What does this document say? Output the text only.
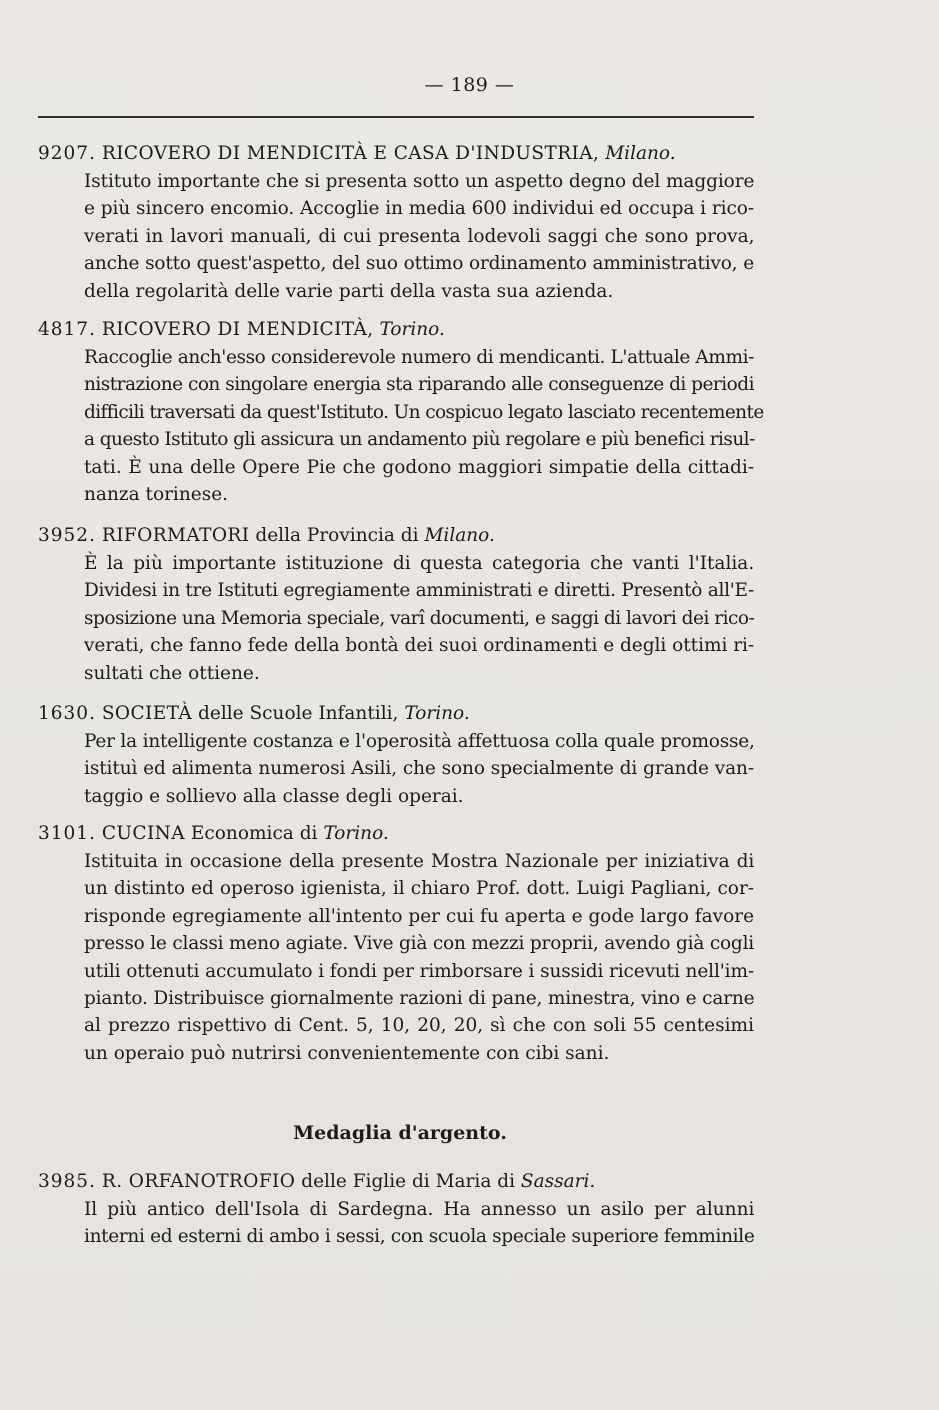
— 189 —
9207. RICOVERO DI MENDICITÀ E CASA D'INDUSTRIA, Milano.
Istituto importante che si presenta sotto un aspetto degno del maggiore
e più sincero encomio. Accoglie in media 600 individui ed occupa i rico-
verati in lavori manuali, di cui presenta lodevoli saggi che sono prova,
anche sotto quest'aspetto, del suo ottimo ordinamento amministrativo, e
della regolarità delle varie parti della vasta sua azienda.
4817. RICOVERO DI MENDICITÀ, Torino.
Raccoglie anch'esso considerevole numero di mendicanti. L'attuale Ammi-
nistrazione con singolare energia sta riparando alle conseguenze di periodi
difficili traversati da quest'Istituto. Un cospicuo legato lasciato recentemente
a questo Istituto gli assicura un andamento più regolare e più benefici risul-
tati. È una delle Opere Pie che godono maggiori simpatie della cittadi-
nanza torinese.
3952. RIFORMATORI della Provincia di Milano.
È la più importante istituzione di questa categoria che vanti l'Italia.
Dividesi in tre Istituti egregiamente amministrati e diretti. Presentò all'E-
sposizione una Memoria speciale, varî documenti, e saggi di lavori dei rico-
verati, che fanno fede della bontà dei suoi ordinamenti e degli ottimi ri-
sultati che ottiene.
1630. SOCIETÀ delle Scuole Infantili, Torino.
Per la intelligente costanza e l'operosità affettuosa colla quale promosse,
istituì ed alimenta numerosi Asili, che sono specialmente di grande van-
taggio e sollievo alla classe degli operai.
3101. CUCINA Economica di Torino.
Istituita in occasione della presente Mostra Nazionale per iniziativa di
un distinto ed operoso igienista, il chiaro Prof. dott. Luigi Pagliani, cor-
risponde egregiamente all'intento per cui fu aperta e gode largo favore
presso le classi meno agiate. Vive già con mezzi proprii, avendo già cogli
utili ottenuti accumulato i fondi per rimborsare i sussidi ricevuti nell'im-
pianto. Distribuisce giornalmente razioni di pane, minestra, vino e carne
al prezzo rispettivo di Cent. 5, 10, 20, 20, sì che con soli 55 centesimi
un operaio può nutrirsi convenientemente con cibi sani.
Medaglia d'argento.
3985. R. ORFANOTROFIO delle Figlie di Maria di Sassari.
Il più antico dell'Isola di Sardegna. Ha annesso un asilo per alunni
interni ed esterni di ambo i sessi, con scuola speciale superiore femminile
